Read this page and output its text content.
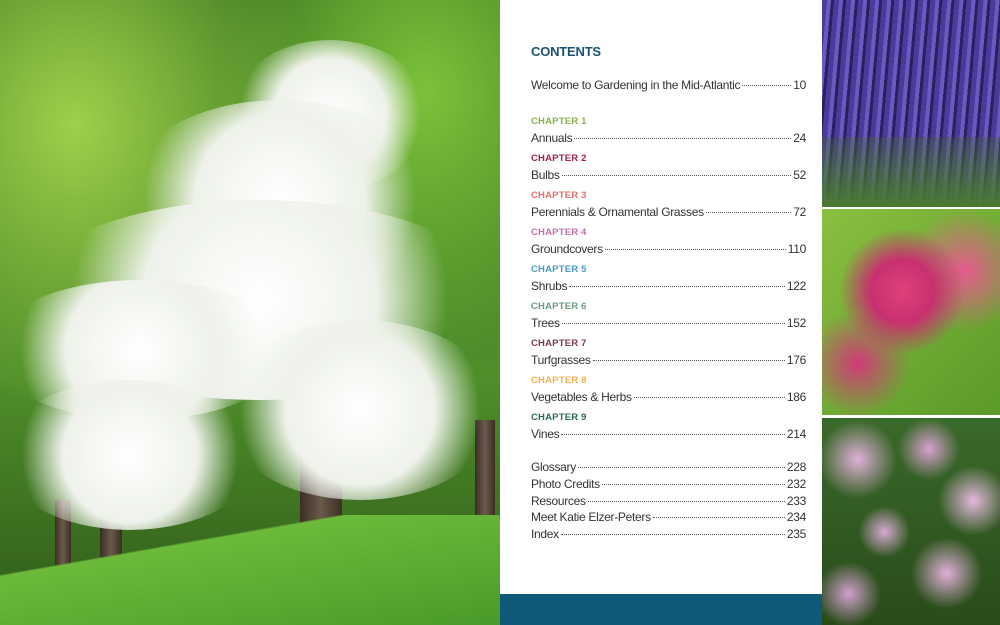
CONTENTS
Welcome to Gardening in the Mid-Atlantic	10
CHAPTER 1
Annuals	24
CHAPTER 2
Bulbs	52
CHAPTER 3
Perennials & Ornamental Grasses	72
CHAPTER 4
Groundcovers	110
CHAPTER 5
Shrubs	122
CHAPTER 6
Trees	152
CHAPTER 7
Turfgrasses	176
CHAPTER 8
Vegetables & Herbs	186
CHAPTER 9
Vines	214
Glossary	228
Photo Credits	232
Resources	233
Meet Katie Elzer-Peters	234
Index	235
